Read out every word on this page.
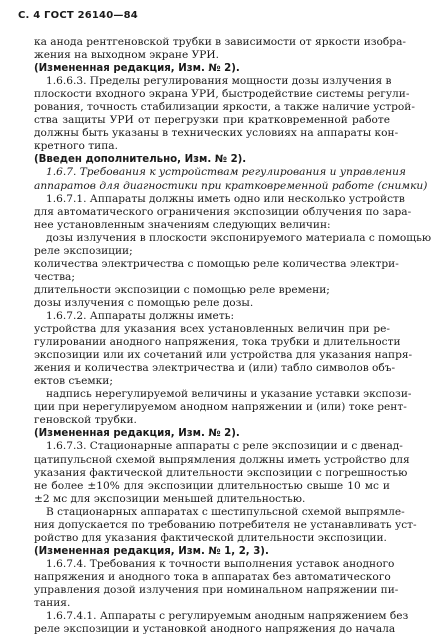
С. 4 ГОСТ 26140—84
ка анода рентгеновской трубки в зависимости от яркости изобра-
жения на выходном экране УРИ.
(Измененная редакция, Изм. № 2).
1.6.6.3. Пределы регулирования мощности дозы излучения в
плоскости входного экрана УРИ, быстродействие системы регули-
рования, точность стабилизации яркости, а также наличие устрой-
ства защиты УРИ от перегрузки при кратковременной работе
должны быть указаны в технических условиях на аппараты кон-
кретного типа.
(Введен дополнительно, Изм. № 2).
1.6.7. Требования к устройствам регулирования и управления
аппаратов для диагностики при кратковременной работе (снимки)
1.6.7.1. Аппараты должны иметь одно или несколько устройств
для автоматического ограничения экспозиции облучения по зара-
нее установленным значениям следующих величин:
дозы излучения в плоскости экспонируемого материала с помощью
реле экспозиции;
количества электричества с помощью реле количества электри-
чества;
длительности экспозиции с помощью реле времени;
дозы излучения с помощью реле дозы.
1.6.7.2. Аппараты должны иметь:
устройства для указания всех установленных величин при ре-
гулировании анодного напряжения, тока трубки и длительности
экспозиции или их сочетаний или устройства для указания напря-
жения и количества электричества и (или) табло символов объ-
ектов съемки;
надпись нерегулируемой величины и указание уставки экспози-
ции при нерегулируемом анодном напряжении и (или) токе рент-
геновской трубки.
(Измененная редакция, Изм. № 2).
1.6.7.3. Стационарные аппараты с реле экспозиции и с двенад-
цатипульсной схемой выпрямления должны иметь устройство для
указания фактической длительности экспозиции с погрешностью
не более ±10% для экспозиции длительностью свыше 10 мс и
±2 мс для экспозиции меньшей длительностью.
В стационарных аппаратах с шестипульсной схемой выпрямле-
ния допускается по требованию потребителя не устанавливать уст-
ройство для указания фактической длительности экспозиции.
(Измененная редакция, Изм. № 1, 2, 3).
1.6.7.4. Требования к точности выполнения уставок анодного
напряжения и анодного тока в аппаратах без автоматического
управления дозой излучения при номинальном напряжении пи-
тания.
1.6.7.4.1. Аппараты с регулируемым анодным напряжением без
реле экспозиции и установкой анодного напряжения до начала
